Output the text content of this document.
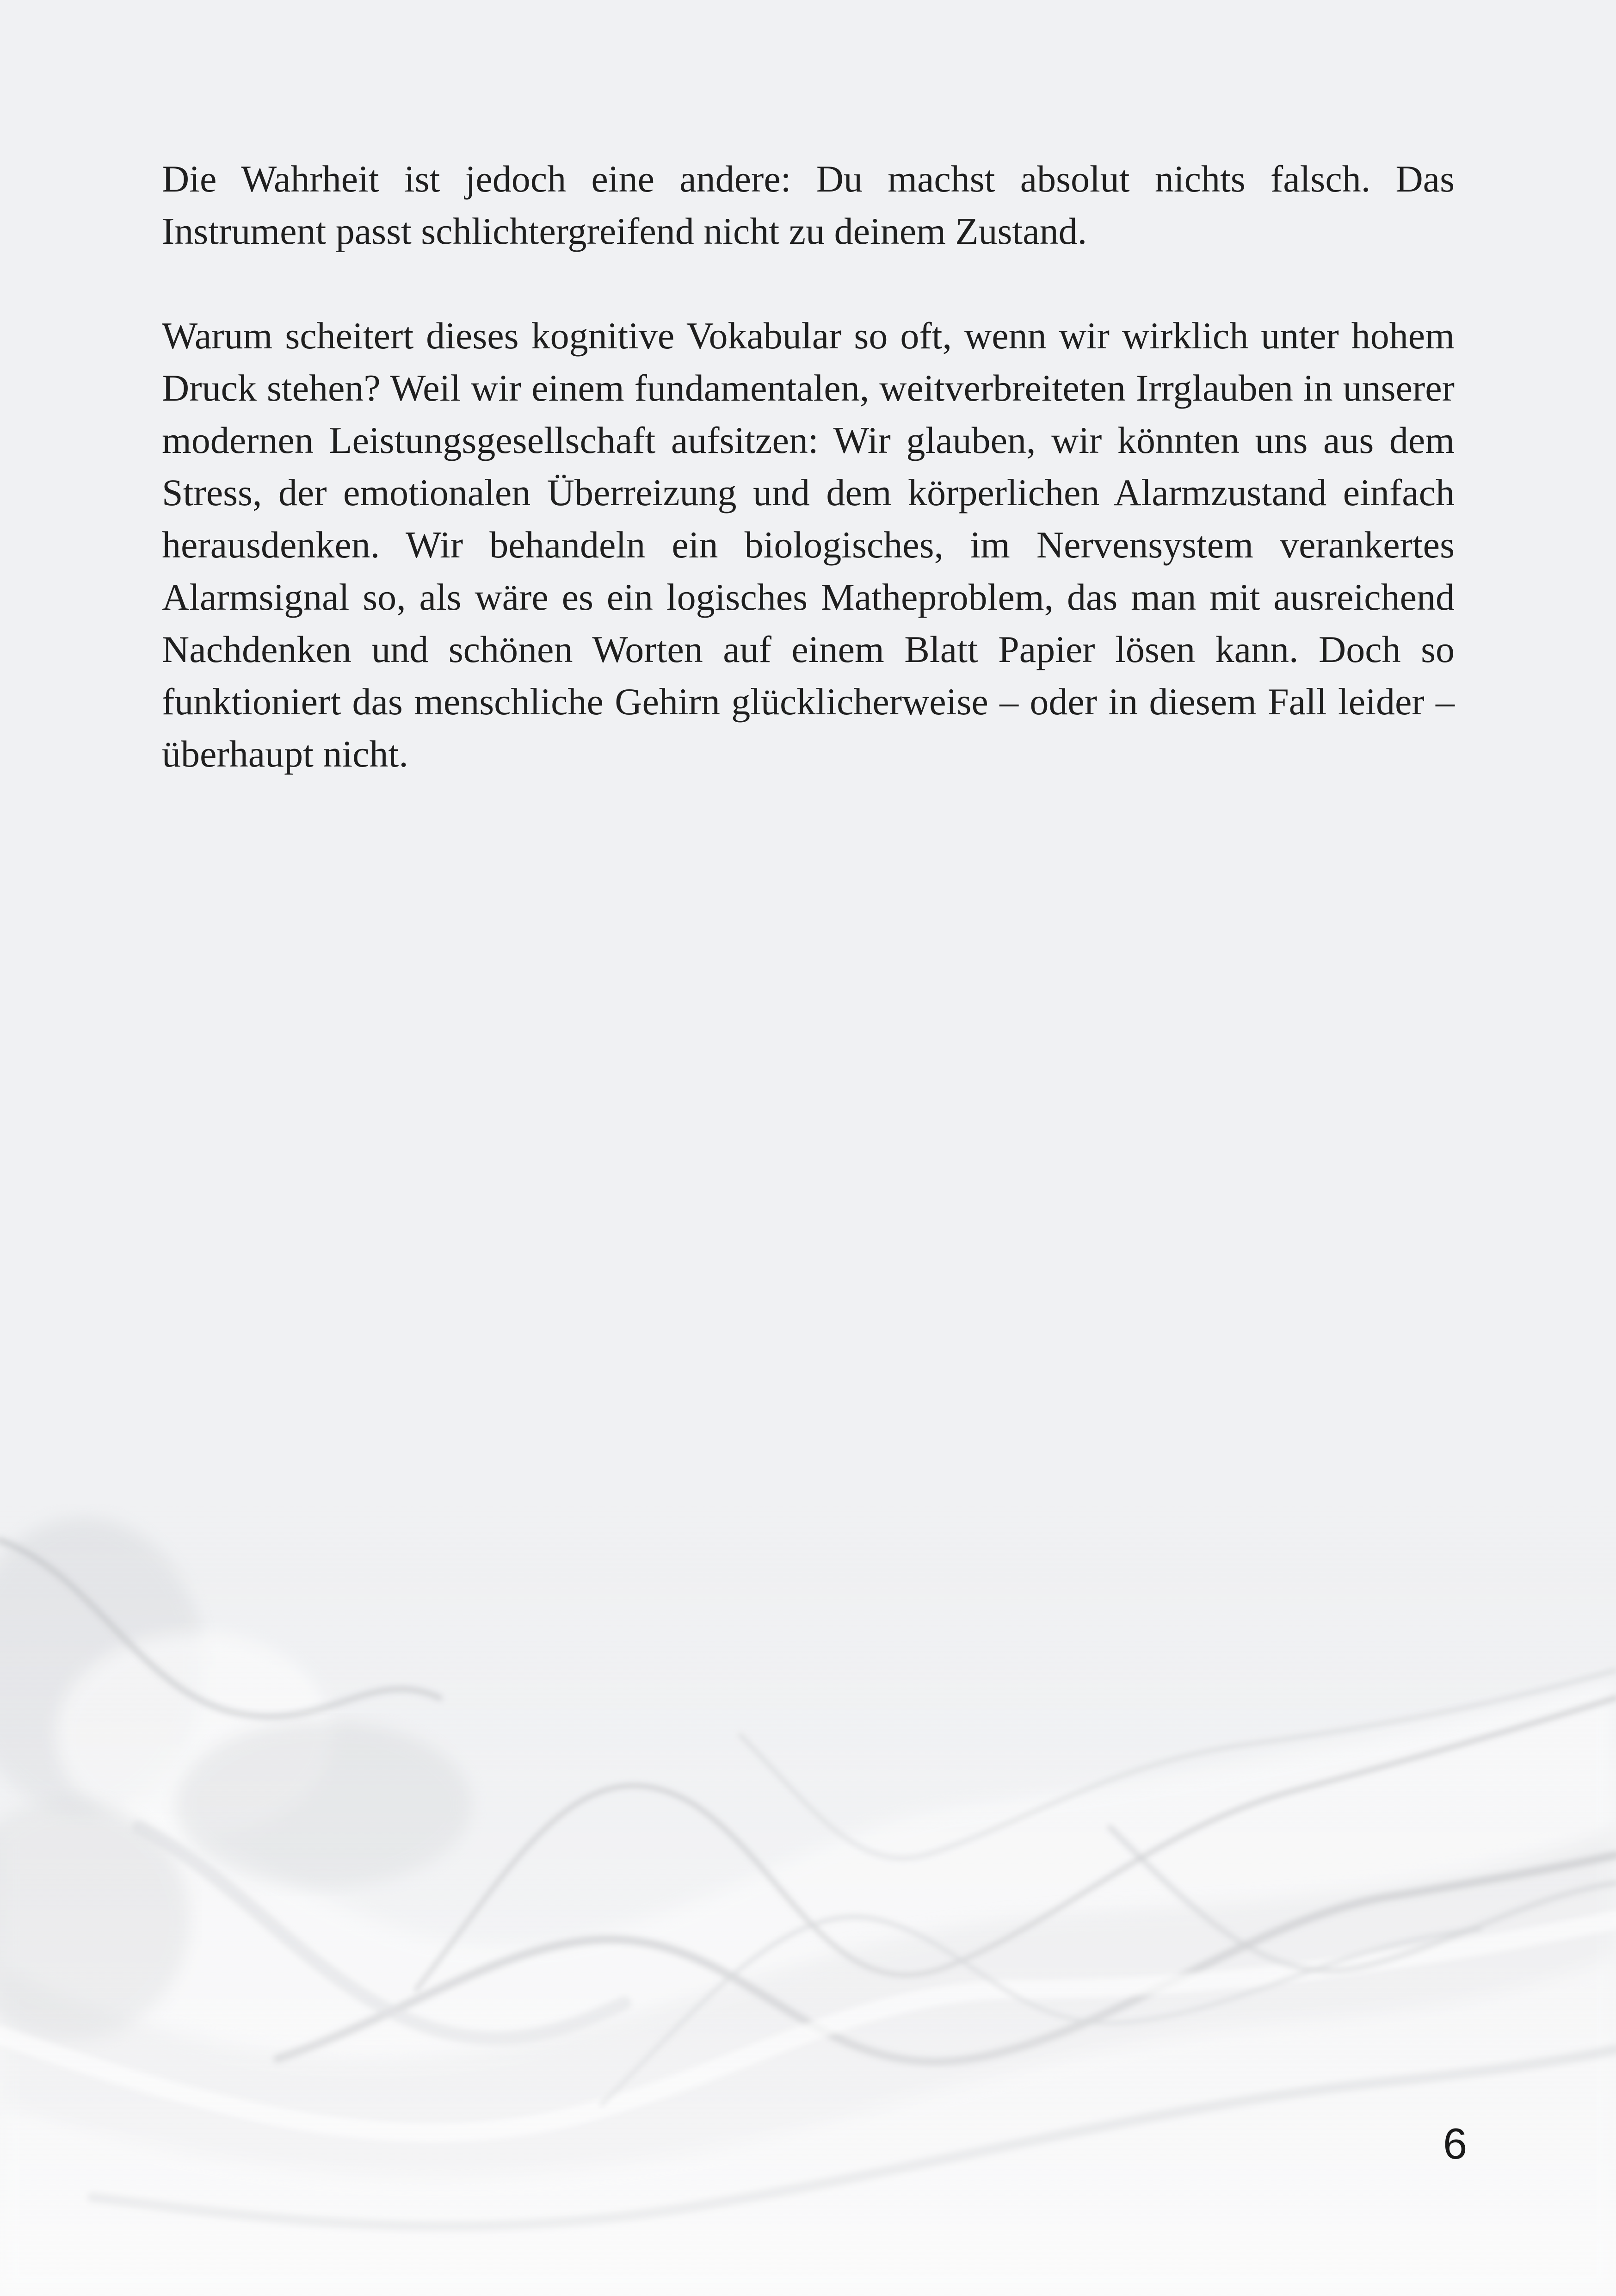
Die Wahrheit ist jedoch eine andere: Du machst absolut nichts falsch. Das Instrument passt schlichtergreifend nicht zu deinem Zustand.

Warum scheitert dieses kognitive Vokabular so oft, wenn wir wirklich unter hohem Druck stehen? Weil wir einem fundamentalen, weitverbreiteten Irrglauben in unserer modernen Leistungsgesellschaft aufsitzen: Wir glauben, wir könnten uns aus dem Stress, der emotionalen Überreizung und dem körperlichen Alarmzustand einfach herausdenken. Wir behandeln ein biologisches, im Nervensystem verankertes Alarmsignal so, als wäre es ein logisches Matheproblem, das man mit ausreichend Nachdenken und schönen Worten auf einem Blatt Papier lösen kann. Doch so funktioniert das menschliche Gehirn glücklicherweise – oder in diesem Fall leider – überhaupt nicht.

6
